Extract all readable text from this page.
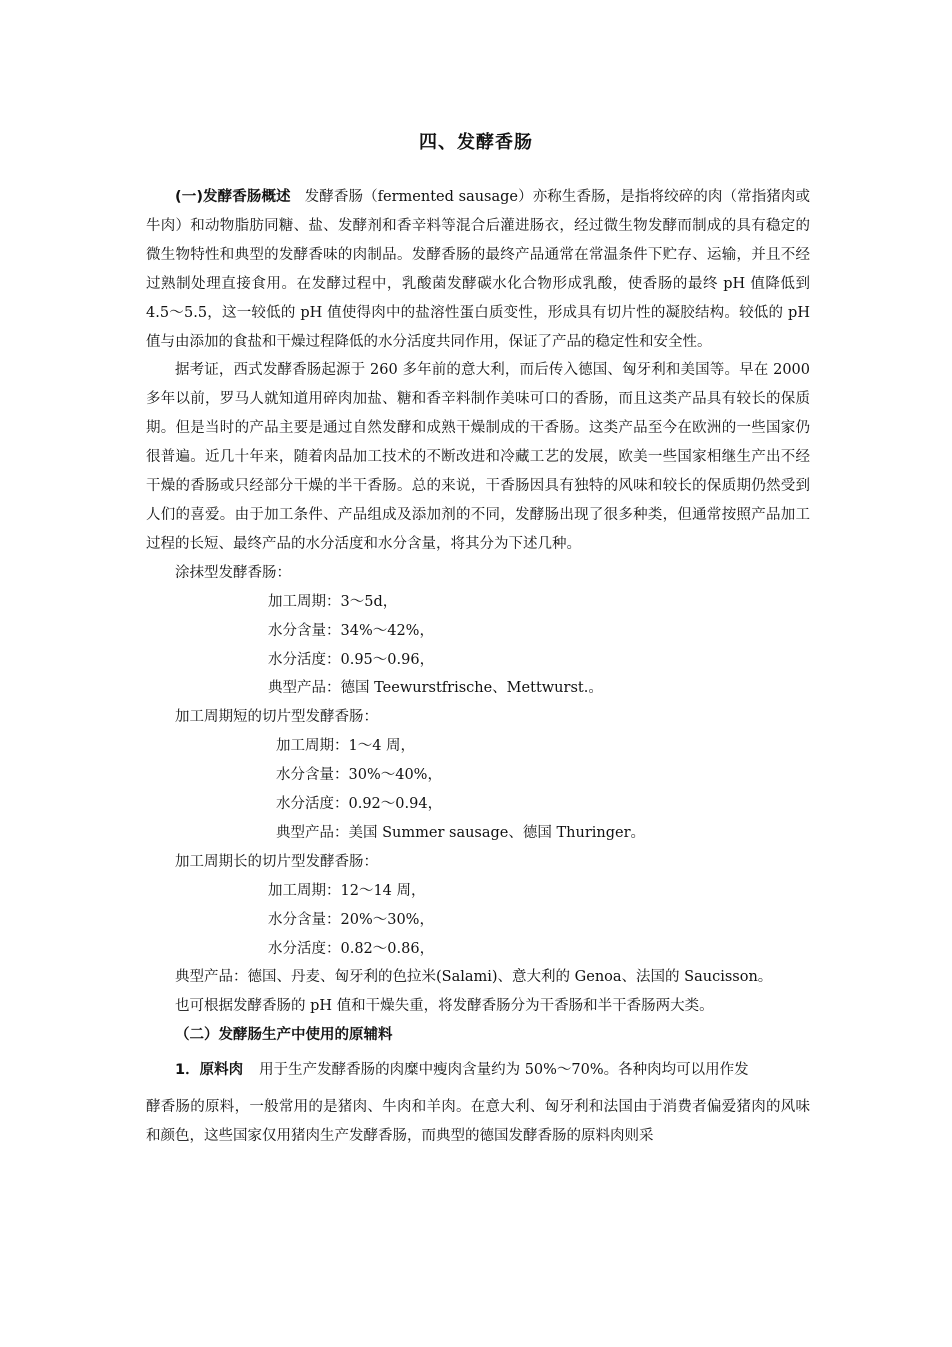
四、发酵香肠

(一)发酵香肠概述 发酵香肠（fermented sausage）亦称生香肠，是指将绞碎的肉（常指猪肉或牛肉）和动物脂肪同糖、盐、发酵剂和香辛料等混合后灌进肠衣，经过微生物发酵而制成的具有稳定的微生物特性和典型的发酵香味的肉制品。发酵香肠的最终产品通常在常温条件下贮存、运输，并且不经过熟制处理直接食用。在发酵过程中，乳酸菌发酵碳水化合物形成乳酸，使香肠的最终 pH 值降低到 4.5～5.5，这一较低的 pH 值使得肉中的盐溶性蛋白质变性，形成具有切片性的凝胶结构。较低的 pH 值与由添加的食盐和干燥过程降低的水分活度共同作用，保证了产品的稳定性和安全性。

据考证，西式发酵香肠起源于 260 多年前的意大利，而后传入德国、匈牙利和美国等。早在 2000 多年以前，罗马人就知道用碎肉加盐、糖和香辛料制作美味可口的香肠，而且这类产品具有较长的保质期。但是当时的产品主要是通过自然发酵和成熟干燥制成的干香肠。这类产品至今在欧洲的一些国家仍很普遍。近几十年来，随着肉品加工技术的不断改进和冷藏工艺的发展，欧美一些国家相继生产出不经干燥的香肠或只经部分干燥的半干香肠。总的来说，干香肠因具有独特的风味和较长的保质期仍然受到人们的喜爱。由于加工条件、产品组成及添加剂的不同，发酵肠出现了很多种类，但通常按照产品加工过程的长短、最终产品的水分活度和水分含量，将其分为下述几种。

涂抹型发酵香肠：

加工周期：3～5d，

水分含量：34%～42%，

水分活度：0.95～0.96，

典型产品：德国 Teewurstfrische、Mettwurst.。

加工周期短的切片型发酵香肠：

加工周期：1～4 周，

水分含量：30%～40%，

水分活度：0.92～0.94，

典型产品：美国 Summer sausage、德国 Thuringer。

加工周期长的切片型发酵香肠：

加工周期：12～14 周，

水分含量：20%～30%，

水分活度：0.82～0.86，

典型产品：德国、丹麦、匈牙利的色拉米(Salami)、意大利的 Genoa、法国的 Saucisson。

也可根据发酵香肠的 pH 值和干燥失重，将发酵香肠分为干香肠和半干香肠两大类。

（二）发酵肠生产中使用的原辅料

1．原料肉 用于生产发酵香肠的肉糜中瘦肉含量约为 50%～70%。各种肉均可以用作发

酵香肠的原料，一般常用的是猪肉、牛肉和羊肉。在意大利、匈牙利和法国由于消费者偏爱猪肉的风味和颜色，这些国家仅用猪肉生产发酵香肠，而典型的德国发酵香肠的原料肉则采
